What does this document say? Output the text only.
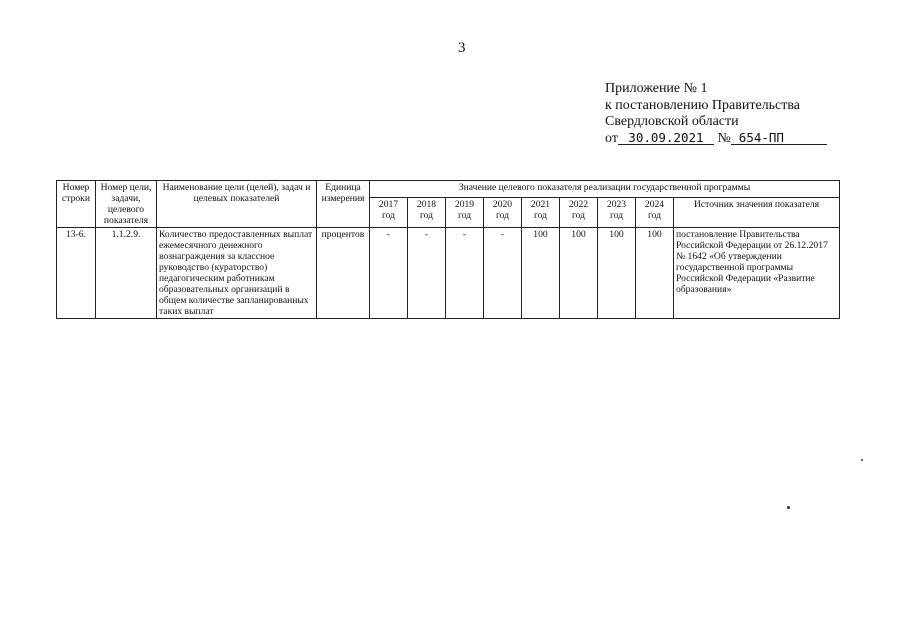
3
Приложение № 1
к постановлению Правительства
Свердловской области
от 30.09.2021 № 654-ПП
Номер строки	Номер цели, задачи, целевого показателя	Наименование цели (целей), задач и целевых показателей	Единица измерения	Значение целевого показателя реализации государственной программы								
				2017 год	2018 год	2019 год	2020 год	2021 год	2022 год	2023 год	2024 год	Источник значения показателя
13-6.	1.1.2.9.	Количество предоставленных выплат ежемесячного денежного вознаграждения за классное руководство (кураторство) педагогическим работникам образовательных организаций в общем количестве запланированных таких выплат	процентов	-	-	-	-	100	100	100	100	постановление Правительства Российской Федерации от 26.12.2017 № 1642 «Об утверждении государственной программы Российской Федерации «Развитие образования»
